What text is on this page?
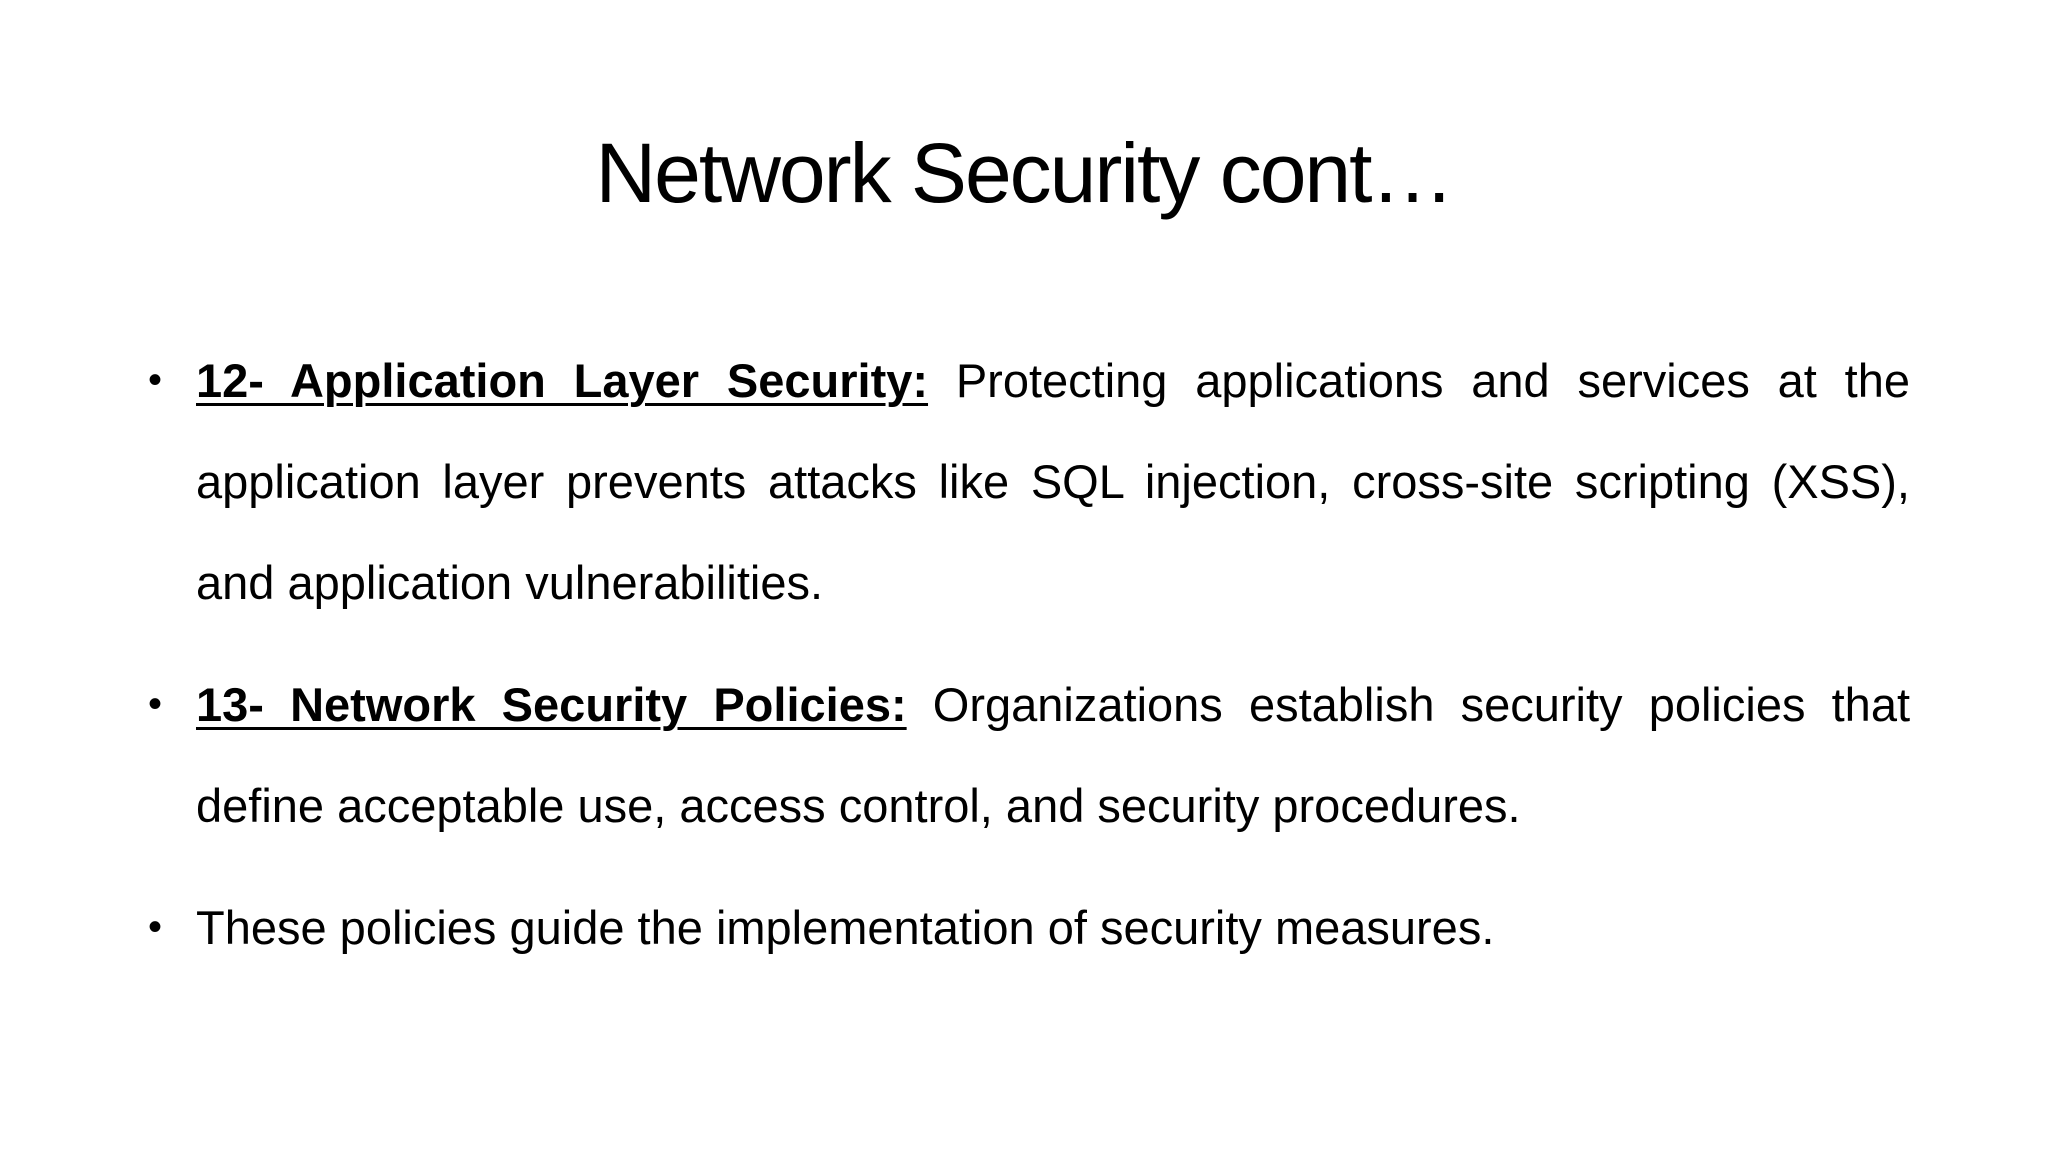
Network Security cont…
• 12- Application Layer Security: Protecting applications and services at the application layer prevents attacks like SQL injection, cross-site scripting (XSS), and application vulnerabilities.
• 13- Network Security Policies: Organizations establish security policies that define acceptable use, access control, and security procedures.
• These policies guide the implementation of security measures.
